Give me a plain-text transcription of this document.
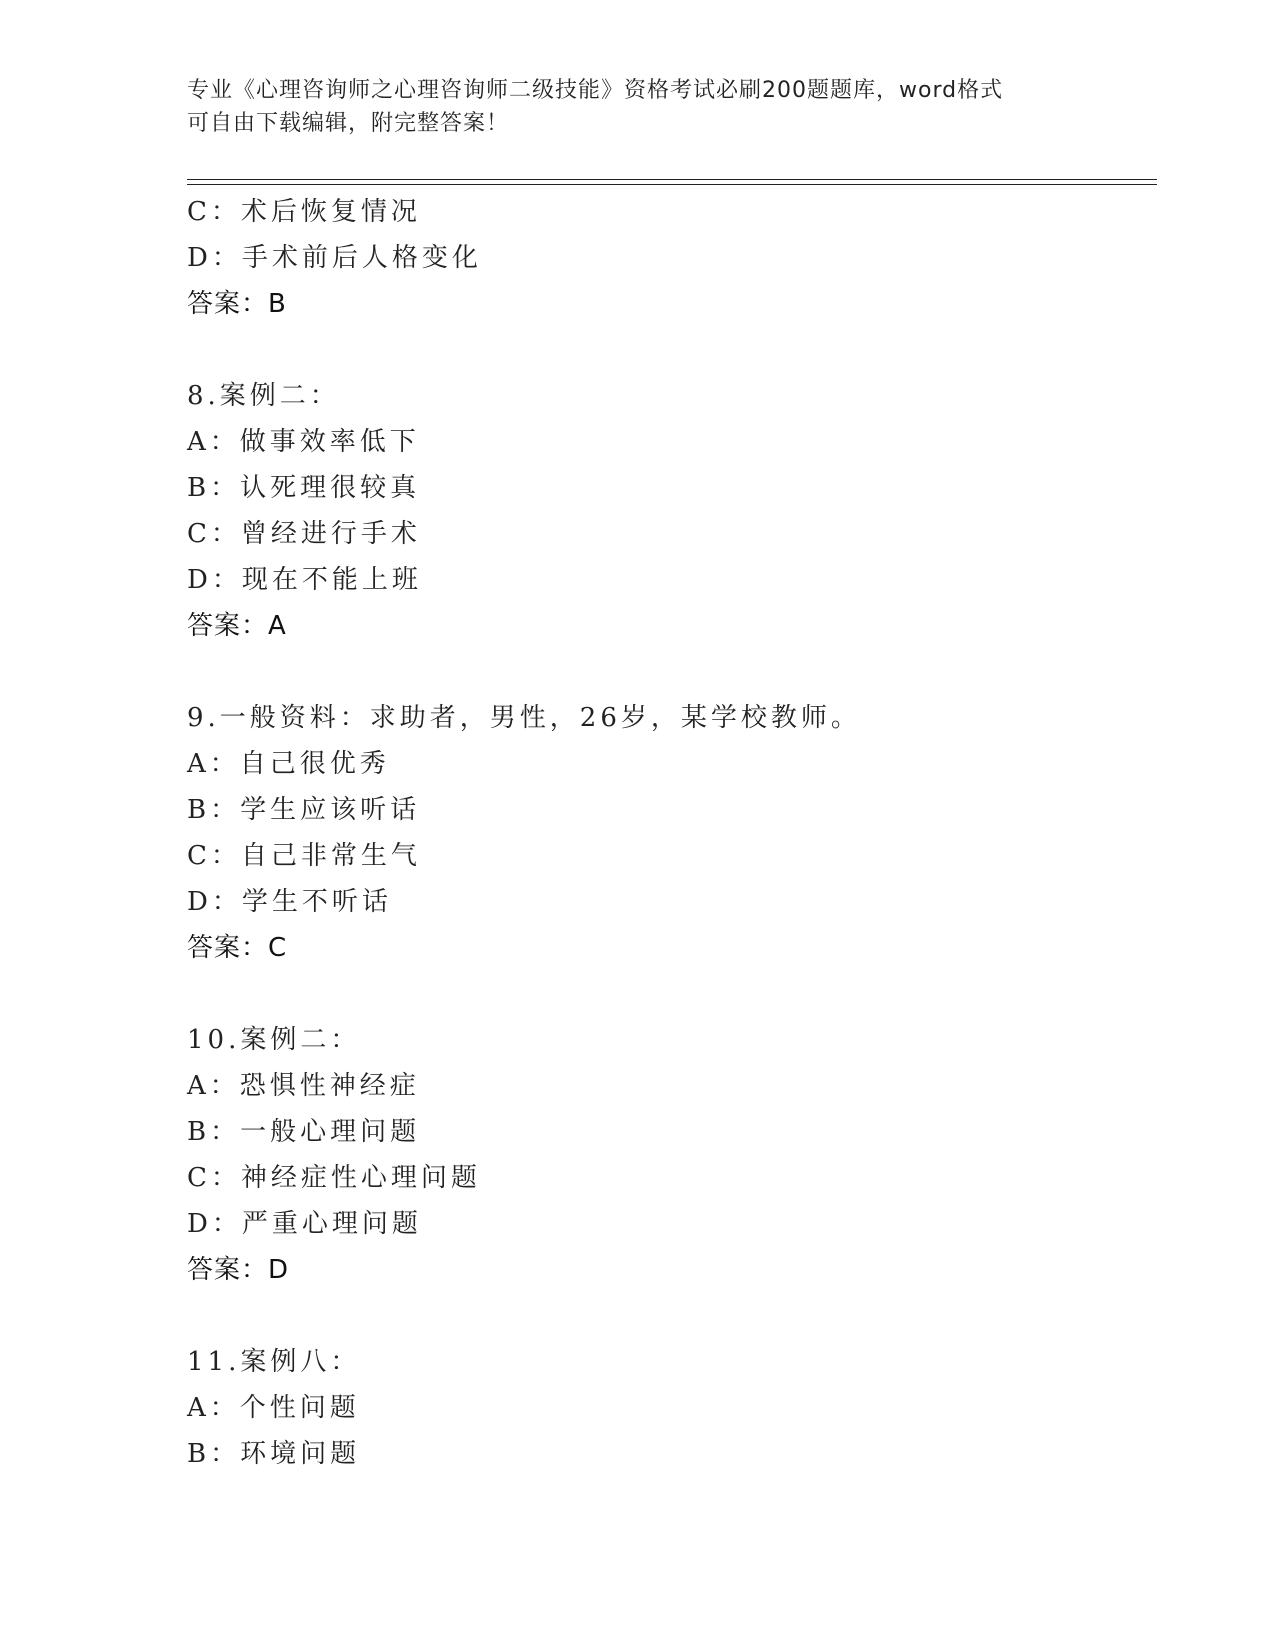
专业《心理咨询师之心理咨询师二级技能》资格考试必刷200题题库，word格式
可自由下载编辑，附完整答案！
C：术后恢复情况
D：手术前后人格变化
答案：B
8.案例二：
A：做事效率低下
B：认死理很较真
C：曾经进行手术
D：现在不能上班
答案：A
9.一般资料：求助者，男性，26岁，某学校教师。
A：自己很优秀
B：学生应该听话
C：自己非常生气
D：学生不听话
答案：C
10.案例二：
A：恐惧性神经症
B：一般心理问题
C：神经症性心理问题
D：严重心理问题
答案：D
11.案例八：
A：个性问题
B：环境问题
